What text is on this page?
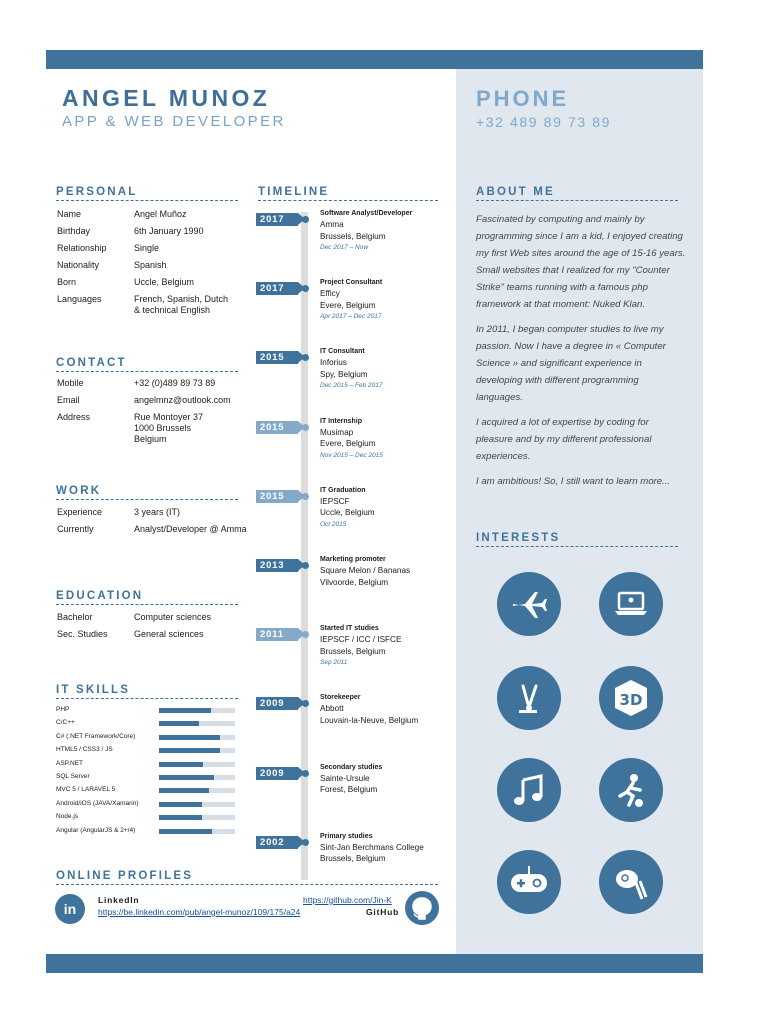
ANGEL MUNOZ
APP & WEB DEVELOPER
PHONE
+32 489 89 73 89
PERSONAL
CONTACT
WORK
EDUCATION
IT SKILLS
ONLINE PROFILES
TIMELINE	ABOUT ME
INTERESTS
Name	Angel Muñoz
Birthday	6th January 1990
Relationship	Single
Nationality	Spanish
Born	Uccle, Belgium
Languages	French, Spanish, Dutch
& technical English
Mobile	+32 (0)489 89 73 89
Email	angelmnz@outlook.com
Address	Rue Montoyer 37
1000 Brussels
Belgium
Experience	3 years (IT)
Currently	Analyst/Developer @ Amma
Bachelor	Computer sciences
Sec. Studies	General sciences
PHP
C/C++
C# (.NET Framework/Core)
HTML5 / CSS3 / JS
ASP.NET
SQL Server
MVC 5 / LARAVEL 5
Android/iOS (JAVA/Xamarin)
Node.js
Angular (AngularJS & 2+/4)
2017
Software Analyst/Developer
Amma
Brussels, Belgium
Dec 2017 – Now
2017
Project Consultant
Efficy
Evere, Belgium
Apr 2017 – Dec 2017
2015
IT Consultant
Inforius
Spy, Belgium
Dec 2015 – Feb 2017
2015
IT Internship
Musimap
Evere, Belgium
Nov 2015 – Dec 2015
2015
IT Graduation
IEPSCF
Uccle, Belgium
Oct 2015
2013
Marketing promoter
Square Melon / Bananas
Vilvoorde, Belgium
2011
Started IT studies
IEPSCF / ICC / ISFCE
Brussels, Belgium
Sep 2011
2009
Storekeeper
Abbott
Louvain-la-Neuve, Belgium
2009
Secondary studies
Sainte-Ursule
Forest, Belgium
2002
Primary studies
Sint-Jan Berchmans College
Brussels, Belgium

Fascinated by computing and mainly by programming since I am a kid, I enjoyed creating my first Web sites around the age of 15-16 years. Small websites that I realized for my "Counter Strike" teams running with a famous php framework at that moment: Nuked Klan.

In 2011, I began computer studies to live my passion. Now I have a degree in « Computer Science » and significant experience in developing with different programming languages.

I acquired a lot of expertise by coding for pleasure and by my different professional experiences.

I am ambitious! So, I still want to learn more...

3D
in
LinkedIn
https://be.linkedin.com/pub/angel-munoz/109/175/a24
https://github.com/Jin-K
GitHub
